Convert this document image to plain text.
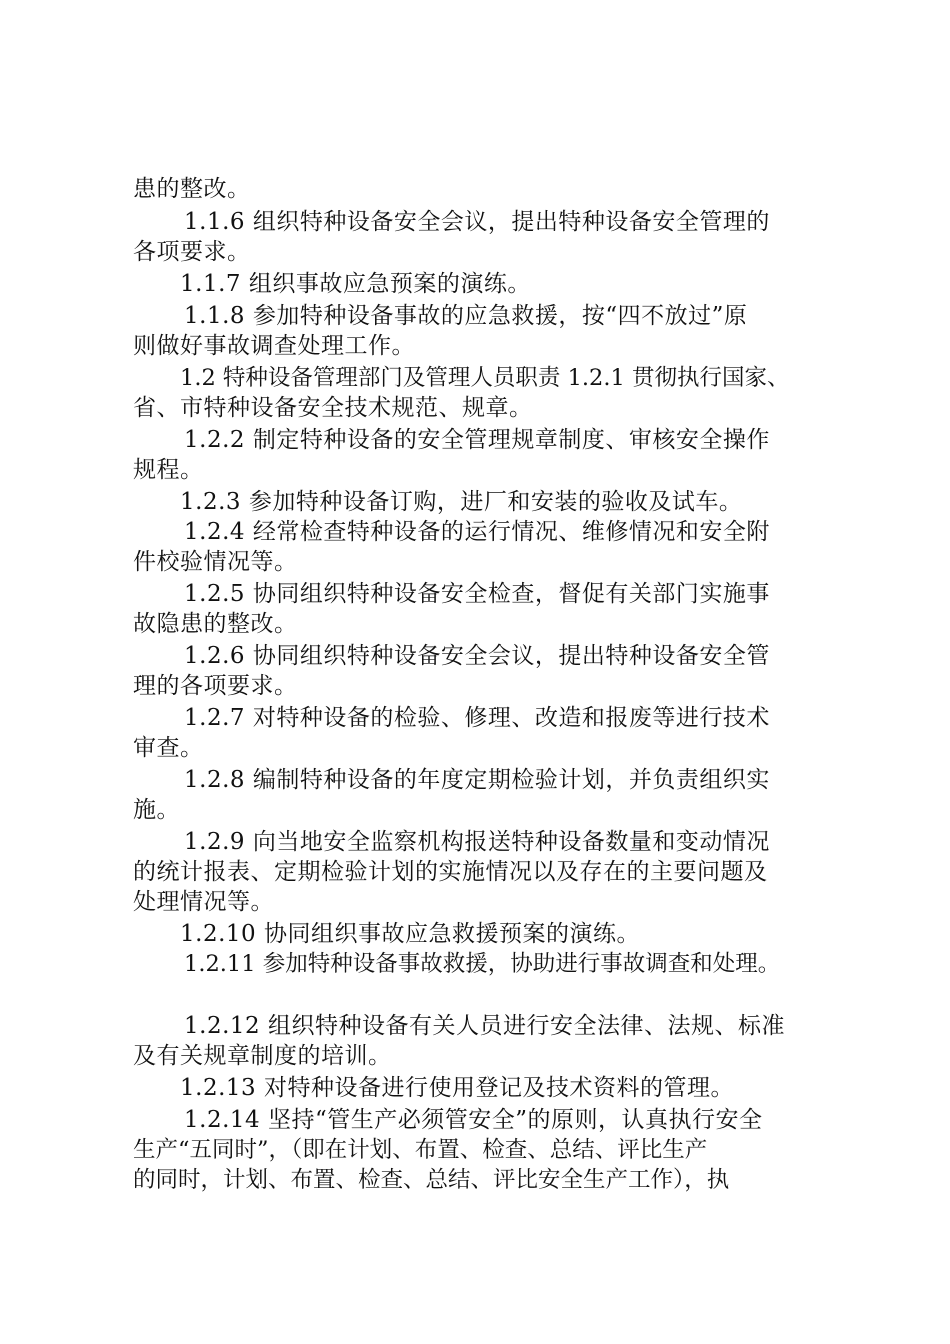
患的整改。
1.1.6 组织特种设备安全会议，提出特种设备安全管理的
各项要求。
1.1.7 组织事故应急预案的演练。
1.1.8 参加特种设备事故的应急救援，按“四不放过”原
则做好事故调查处理工作。
1.2 特种设备管理部门及管理人员职责 1.2.1 贯彻执行国家、
省、市特种设备安全技术规范、规章。
1.2.2 制定特种设备的安全管理规章制度、审核安全操作
规程。
1.2.3 参加特种设备订购，进厂和安装的验收及试车。
1.2.4 经常检查特种设备的运行情况、维修情况和安全附
件校验情况等。
1.2.5 协同组织特种设备安全检查，督促有关部门实施事
故隐患的整改。
1.2.6 协同组织特种设备安全会议，提出特种设备安全管
理的各项要求。
1.2.7 对特种设备的检验、修理、改造和报废等进行技术
审查。
1.2.8 编制特种设备的年度定期检验计划，并负责组织实
施。
1.2.9 向当地安全监察机构报送特种设备数量和变动情况
的统计报表、定期检验计划的实施情况以及存在的主要问题及
处理情况等。
1.2.10 协同组织事故应急救援预案的演练。
1.2.11 参加特种设备事故救援，协助进行事故调查和处理。
1.2.12 组织特种设备有关人员进行安全法律、法规、标准
及有关规章制度的培训。
1.2.13 对特种设备进行使用登记及技术资料的管理。
1.2.14 坚持“管生产必须管安全”的原则，认真执行安全
生产“五同时”，（即在计划、布置、检查、总结、评比生产
的同时，计划、布置、检查、总结、评比安全生产工作），执
